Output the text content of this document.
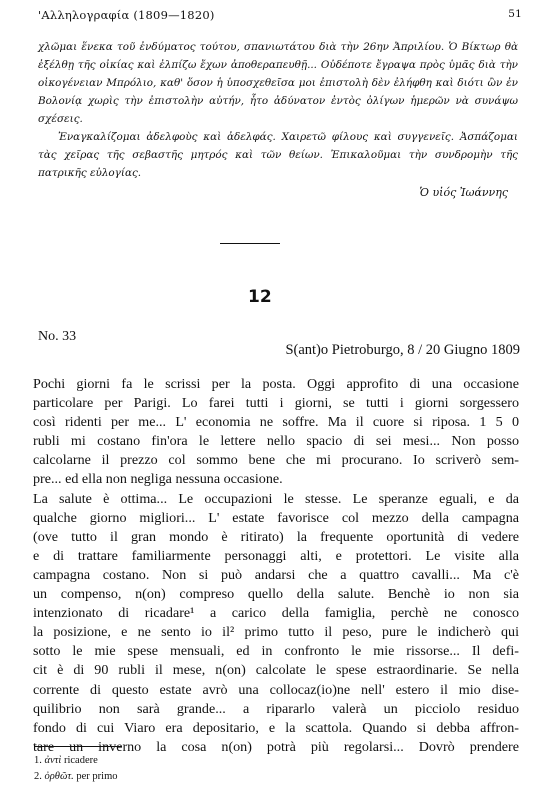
'Αλληλογραφία (1809—1820)	51

χλῶμαι ἕνεκα τοῦ ἐνδύματος τούτου, σπανιωτάτου διὰ τὴν 26ην Ἀπριλίου. Ὁ Βίκτωρ θὰ ἐξέλθῃ τῆς οἰκίας καὶ ἐλπίζω ἔχων ἀποθεραπευθῇ... Οὐδέποτε ἔγραψα πρὸς ὑμᾶς διὰ τὴν οἰκογένειαν Μπρόλιο, καθ' ὅσον ἡ ὑποσχεθεῖσα μοι ἐπιστολὴ δὲν ἐλήφθη καὶ διότι ὢν ἐν Βολονίᾳ χωρὶς τὴν ἐπιστολὴν αὐτήν, ἦτο ἀδύνατον ἐντὸς ὀλίγων ἡμερῶν νὰ συνάψω σχέσεις.

Ἐναγκαλίζομαι ἀδελφοὺς καὶ ἀδελφάς. Χαιρετῶ φίλους καὶ συγγενεῖς. Ἀσπάζομαι τὰς χεῖρας τῆς σεβαστῆς μητρός καὶ τῶν θείων. Ἐπικαλοῦμαι τὴν συνδρομὴν τῆς πατρικῆς εὐλογίας.

Ὁ υἱός Ἰωάννης
12
No. 33
S(ant)o Pietroburgo, 8 / 20 Giugno 1809
Pochi giorni fa le scrissi per la posta. Oggi approfito di una occasione
particolare per Parigi. Lo farei tutti i giorni, se tutti i giorni sorgessero
così ridenti per me... L' economia ne soffre. Ma il cuore si riposa. 1 5 0
rubli mi costano fin'ora le lettere nello spacio di sei mesi... Non posso
calcolarne il prezzo col sommo bene che mi procurano. Io scriverò sem-
pre... ed ella non negliga nessuna occasione.
La salute è ottima... Le occupazioni le stesse. Le speranze eguali, e da
qualche giorno migliori... L' estate favorisce col mezzo della campagna
(ove tutto il gran mondo è ritirato) la frequente oportunità di vedere
e di trattare familiarmente personaggi alti, e protettori. Le visite alla
campagna costano. Non si può andarsi che a quattro cavalli... Ma c'è
un compenso, n(on) compreso quello della salute. Benchè io non sia
intenzionato di ricadare¹ a carico della famiglia, perchè ne conosco
la posizione, e ne sento io il² primo tutto il peso, pure le indicherò qui
sotto le mie spese mensuali, ed in confronto le mie rissorse... Il defi-
cit è di 90 rubli il mese, n(on) calcolate le spese estraordinarie. Se nella
corrente di questo estate avrò una collocaz(io)ne nell' estero il mio dise-
quilibrio non sarà grande... a ripararlo valerà un picciolo residuo
fondo di cui Viaro era depositario, e la scattola. Quando si debba affron-
tare un inverno la cosa n(on) potrà più regolarsi... Dovrò prendere
1. ἀντὶ ricadere
2. ὀρθῶτ. per primo
